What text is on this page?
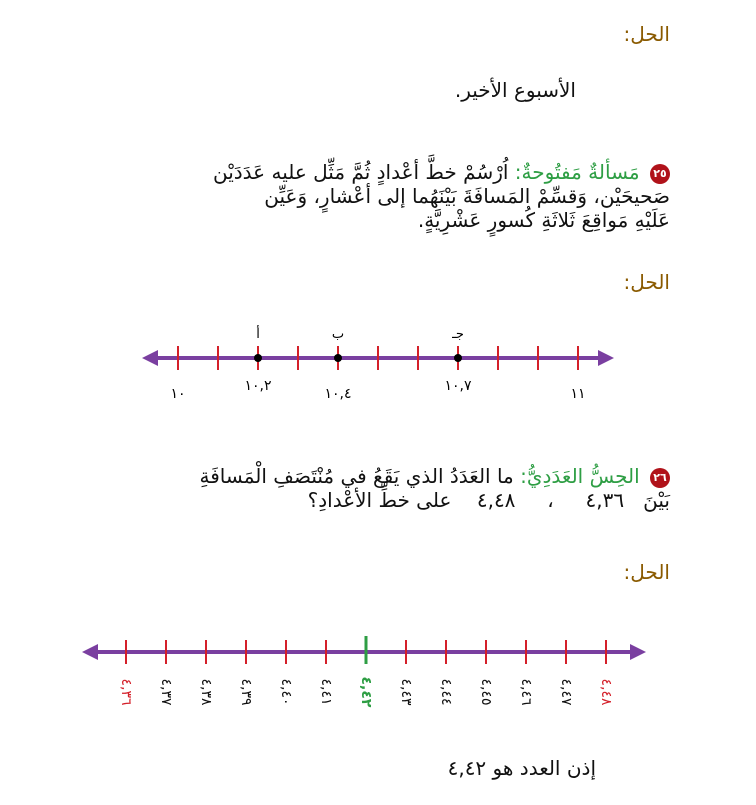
الحل:
الأسبوع الأخير.
٢٥ مَسألةٌ مَفتُوحةٌ: اُرْسُمْ خطَّ أعْدادٍ ثُمَّ مَثِّل عليه عَدَدَيْن
صَحيحَيْن، وَقسِّمْ المَسافَةَ بَيْنَهُما إلى أعْشارٍ، وَعَيِّن
عَلَيْهِ مَواقِعَ ثَلاثَةِ كُسورٍ عَشْرِيَّةٍ.
الحل:
أ	ب	جـ
١٠	١٠,٢	١٠,٤	١٠,٧	١١
٢٦ الحِسُّ العَدَدِيُّ: ما العَدَدُ الذي يَقَعُ في مُنْتَصَفِ الْمَسافَةِ
بَيْنَ   ٤,٣٦     ،     ٤,٤٨    على خطِّ الأعْدادِ؟
الحل:
٤,٣٦ ٤,٣٧ ٤,٣٨ ٤,٣٩ ٤,٤٠ ٤,٤١ ٤,٤٢ ٤,٤٣ ٤,٤٤ ٤,٤٥ ٤,٤٦ ٤,٤٧ ٤,٤٨
إذن العدد هو ٤,٤٢
